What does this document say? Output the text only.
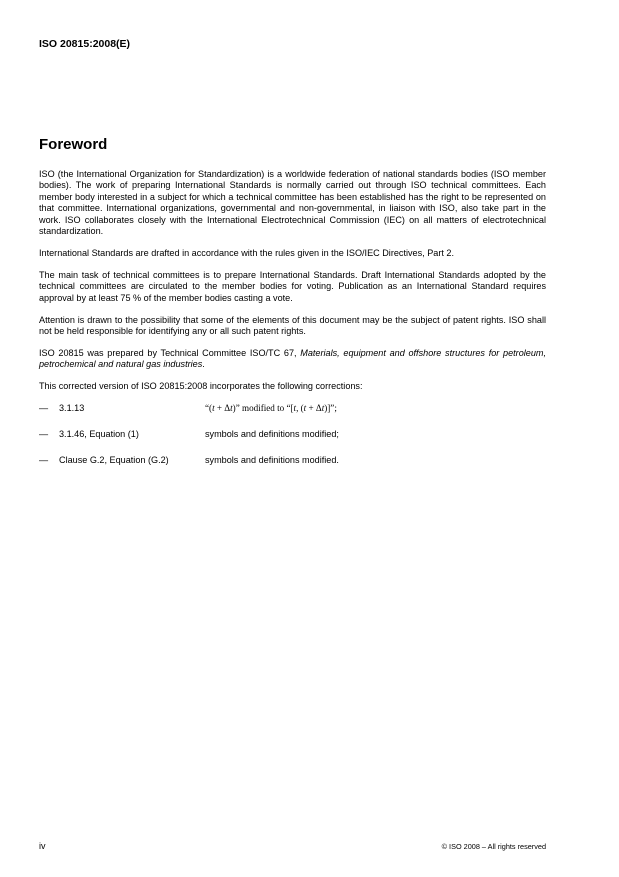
ISO 20815:2008(E)
Foreword

ISO (the International Organization for Standardization) is a worldwide federation of national standards bodies (ISO member bodies). The work of preparing International Standards is normally carried out through ISO technical committees. Each member body interested in a subject for which a technical committee has been established has the right to be represented on that committee. International organizations, governmental and non-governmental, in liaison with ISO, also take part in the work. ISO collaborates closely with the International Electrotechnical Commission (IEC) on all matters of electrotechnical standardization.

International Standards are drafted in accordance with the rules given in the ISO/IEC Directives, Part 2.

The main task of technical committees is to prepare International Standards. Draft International Standards adopted by the technical committees are circulated to the member bodies for voting. Publication as an International Standard requires approval by at least 75 % of the member bodies casting a vote.

Attention is drawn to the possibility that some of the elements of this document may be the subject of patent rights. ISO shall not be held responsible for identifying any or all such patent rights.

ISO 20815 was prepared by Technical Committee ISO/TC 67, Materials, equipment and offshore structures for petroleum, petrochemical and natural gas industries.

This corrected version of ISO 20815:2008 incorporates the following corrections:

— 3.1.13	“(t + Δt)” modified to “[t, (t + Δt)]”;
— 3.1.46, Equation (1)	symbols and definitions modified;
— Clause G.2, Equation (G.2)	symbols and definitions modified.
iv	© ISO 2008 – All rights reserved
